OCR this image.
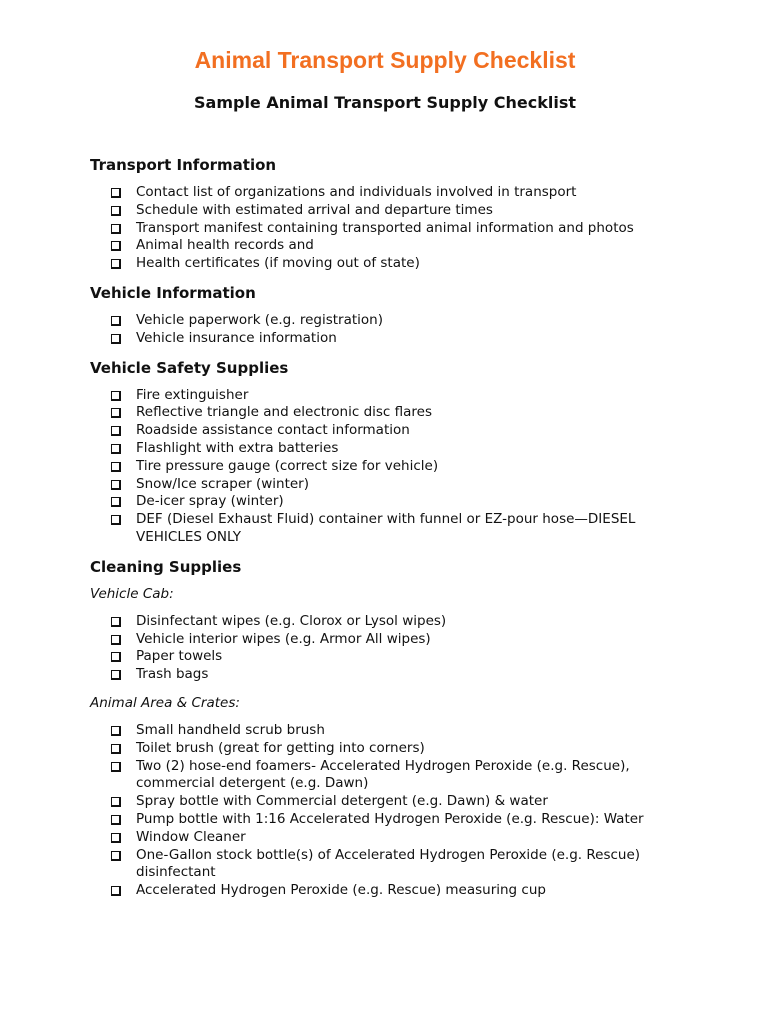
Animal Transport Supply Checklist
Sample Animal Transport Supply Checklist
Transport Information
Contact list of organizations and individuals involved in transport
Schedule with estimated arrival and departure times
Transport manifest containing transported animal information and photos
Animal health records and
Health certificates (if moving out of state)
Vehicle Information
Vehicle paperwork (e.g. registration)
Vehicle insurance information
Vehicle Safety Supplies
Fire extinguisher
Reflective triangle and electronic disc flares
Roadside assistance contact information
Flashlight with extra batteries
Tire pressure gauge (correct size for vehicle)
Snow/Ice scraper (winter)
De-icer spray (winter)
DEF (Diesel Exhaust Fluid) container with funnel or EZ-pour hose—DIESEL VEHICLES ONLY
Cleaning Supplies

Vehicle Cab:

Disinfectant wipes (e.g. Clorox or Lysol wipes)
Vehicle interior wipes (e.g. Armor All wipes)
Paper towels
Trash bags

Animal Area & Crates:

Small handheld scrub brush
Toilet brush (great for getting into corners)
Two (2) hose-end foamers- Accelerated Hydrogen Peroxide (e.g. Rescue), commercial detergent (e.g. Dawn)
Spray bottle with Commercial detergent (e.g. Dawn) & water
Pump bottle with 1:16 Accelerated Hydrogen Peroxide (e.g. Rescue): Water
Window Cleaner
One-Gallon stock bottle(s) of Accelerated Hydrogen Peroxide (e.g. Rescue) disinfectant
Accelerated Hydrogen Peroxide (e.g. Rescue) measuring cup
